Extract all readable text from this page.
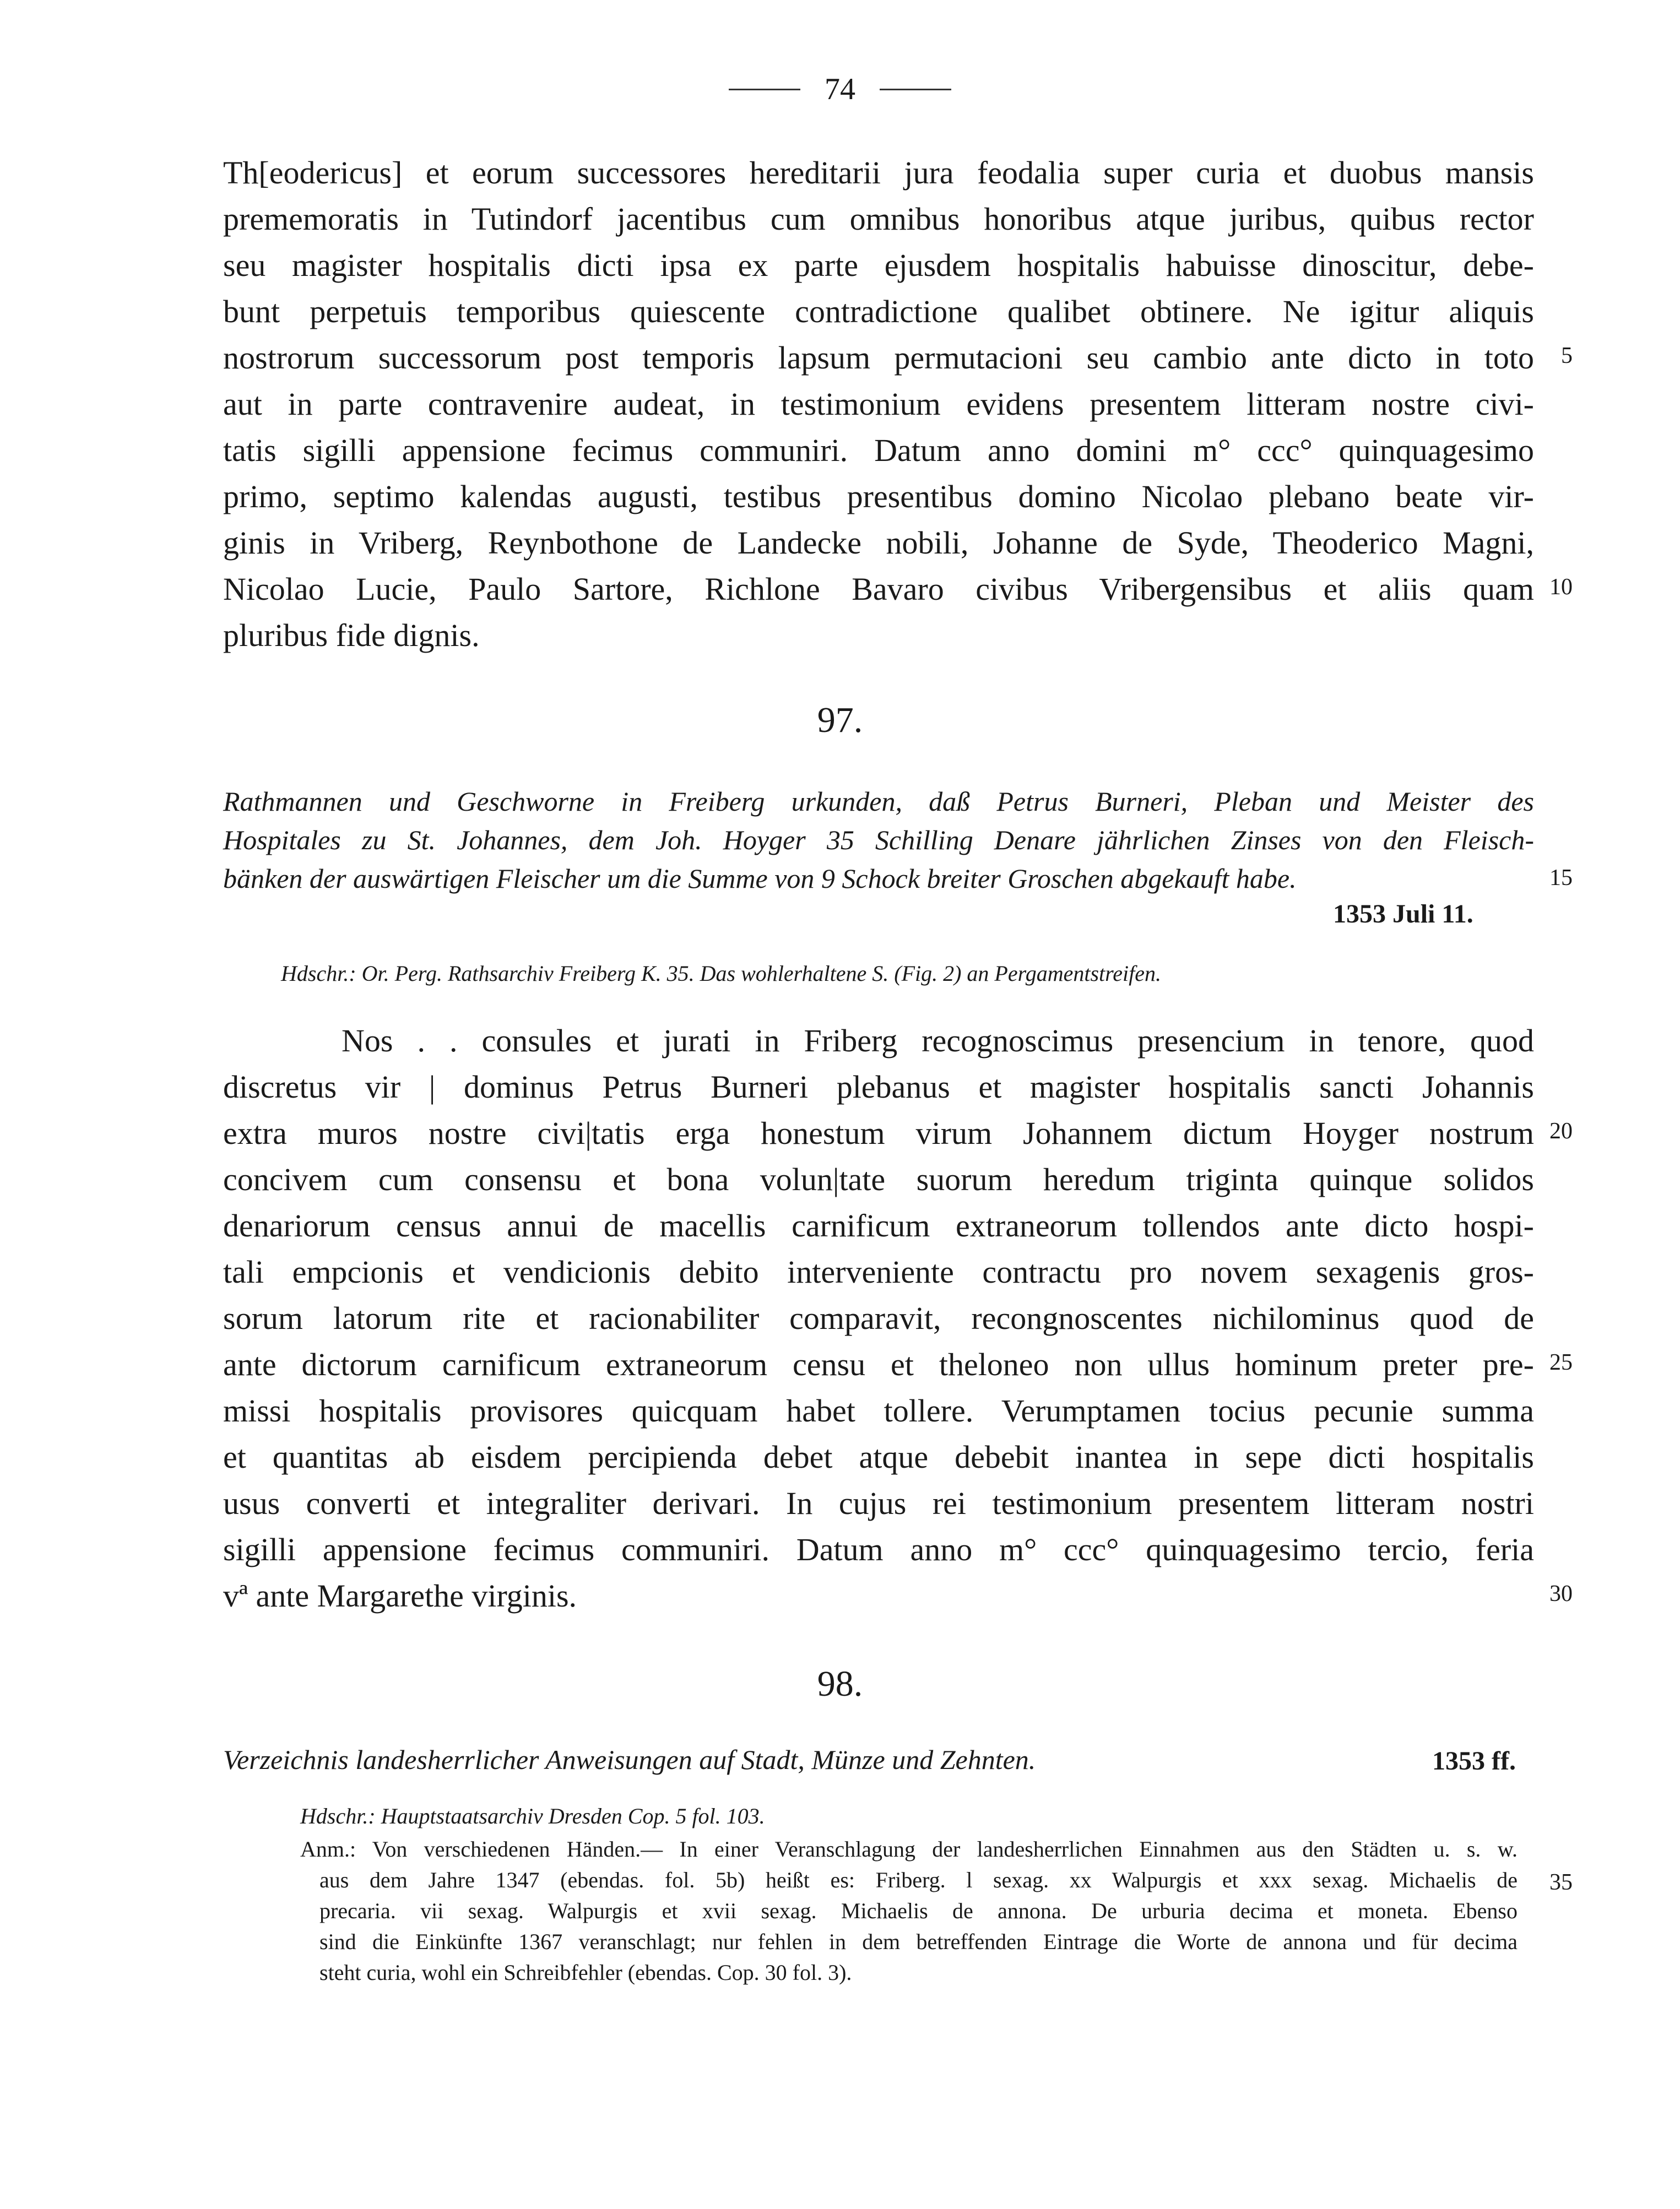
74
Th[eodericus] et eorum successores hereditarii jura feodalia super curia et duobus mansis
prememoratis in Tutindorf jacentibus cum omnibus honoribus atque juribus, quibus rector
seu magister hospitalis dicti ipsa ex parte ejusdem hospitalis habuisse dinoscitur, debe-
bunt perpetuis temporibus quiescente contradictione qualibet obtinere. Ne igitur aliquis
nostrorum successorum post temporis lapsum permutacioni seu cambio ante dicto in toto
aut in parte contravenire audeat, in testimonium evidens presentem litteram nostre civi-
tatis sigilli appensione fecimus communiri. Datum anno domini m° ccc° quinquagesimo
primo, septimo kalendas augusti, testibus presentibus domino Nicolao plebano beate vir-
ginis in Vriberg, Reynbothone de Landecke nobili, Johanne de Syde, Theoderico Magni,
Nicolao Lucie, Paulo Sartore, Richlone Bavaro civibus Vribergensibus et aliis quam
pluribus fide dignis.
5
10
97.
Rathmannen und Geschworne in Freiberg urkunden, daß Petrus Burneri, Pleban und Meister des
Hospitales zu St. Johannes, dem Joh. Hoyger 35 Schilling Denare jährlichen Zinses von den Fleisch-
bänken der auswärtigen Fleischer um die Summe von 9 Schock breiter Groschen abgekauft habe.	15
1353 Juli 11.
Hdschr.: Or. Perg. Rathsarchiv Freiberg K. 35. Das wohlerhaltene S. (Fig. 2) an Pergamentstreifen.
Nos . . consules et jurati in Friberg recognoscimus presencium in tenore, quod
discretus vir | dominus Petrus Burneri plebanus et magister hospitalis sancti Johannis
extra muros nostre civi|tatis erga honestum virum Johannem dictum Hoyger nostrum
concivem cum consensu et bona volun|tate suorum heredum triginta quinque solidos
denariorum census annui de macellis carnificum extraneorum tollendos ante dicto hospi-
tali empcionis et vendicionis debito interveniente contractu pro novem sexagenis gros-
sorum latorum rite et racionabiliter comparavit, recongnoscentes nichilominus quod de
ante dictorum carnificum extraneorum censu et theloneo non ullus hominum preter pre-
missi hospitalis provisores quicquam habet tollere. Verumptamen tocius pecunie summa
et quantitas ab eisdem percipienda debet atque debebit inantea in sepe dicti hospitalis
usus converti et integraliter derivari. In cujus rei testimonium presentem litteram nostri
sigilli appensione fecimus communiri. Datum anno m° ccc° quinquagesimo tercio, feria
vª ante Margarethe virginis.
20
25
30
98.
Verzeichnis landesherrlicher Anweisungen auf Stadt, Münze und Zehnten.	1353 ff.
Hdschr.: Hauptstaatsarchiv Dresden Cop. 5 fol. 103.
Anm.: Von verschiedenen Händen.— In einer Veranschlagung der landesherrlichen Einnahmen aus den Städten u. s. w.
aus dem Jahre 1347 (ebendas. fol. 5b) heißt es: Friberg. l sexag. xx Walpurgis et xxx sexag. Michaelis de
precaria. vii sexag. Walpurgis et xvii sexag. Michaelis de annona. De urburia decima et moneta. Ebenso
sind die Einkünfte 1367 veranschlagt; nur fehlen in dem betreffenden Eintrage die Worte de annona und für decima
steht curia, wohl ein Schreibfehler (ebendas. Cop. 30 fol. 3).
35
